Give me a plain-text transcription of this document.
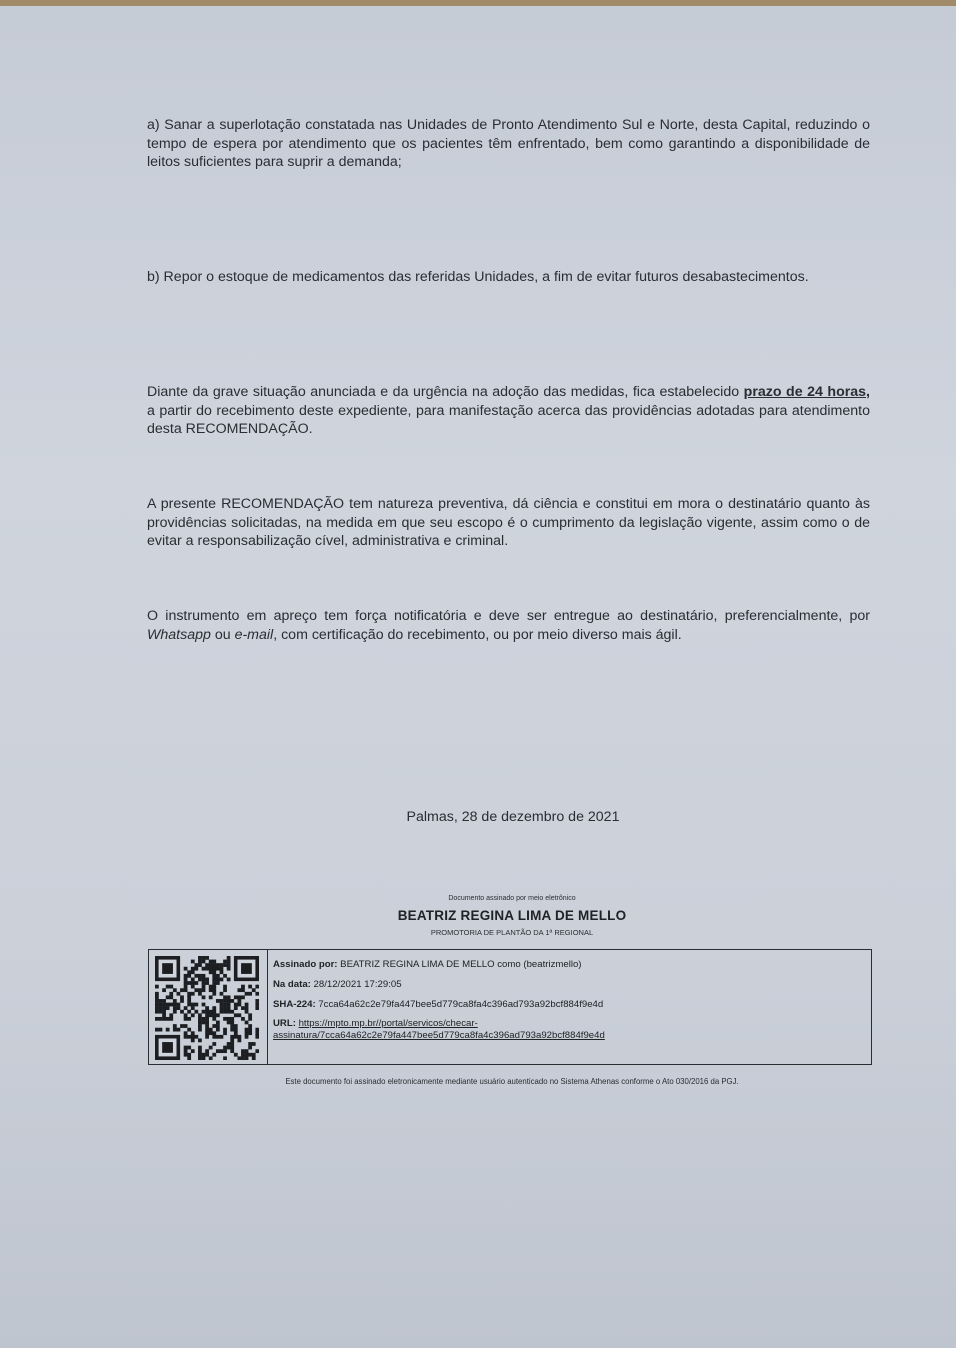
a) Sanar a superlotação constatada nas Unidades de Pronto Atendimento Sul e Norte, desta Capital, reduzindo o tempo de espera por atendimento que os pacientes têm enfrentado, bem como garantindo a disponibilidade de leitos suficientes para suprir a demanda;

b) Repor o estoque de medicamentos das referidas Unidades, a fim de evitar futuros desabastecimentos.

Diante da grave situação anunciada e da urgência na adoção das medidas, fica estabelecido prazo de 24 horas, a partir do recebimento deste expediente, para manifestação acerca das providências adotadas para atendimento desta RECOMENDAÇÃO.

A presente RECOMENDAÇÃO tem natureza preventiva, dá ciência e constitui em mora o destinatário quanto às providências solicitadas, na medida em que seu escopo é o cumprimento da legislação vigente, assim como o de evitar a responsabilização cível, administrativa e criminal.

O instrumento em apreço tem força notificatória e deve ser entregue ao destinatário, preferencialmente, por Whatsapp ou e-mail, com certificação do recebimento, ou por meio diverso mais ágil.

Palmas, 28 de dezembro de 2021
Documento assinado por meio eletrônico
BEATRIZ REGINA LIMA DE MELLO
PROMOTORIA DE PLANTÃO DA 1ª REGIONAL
Assinado por: BEATRIZ REGINA LIMA DE MELLO como (beatrizmello)
Na data: 28/12/2021 17:29:05
SHA-224: 7cca64a62c2e79fa447bee5d779ca8fa4c396ad793a92bcf884f9e4d
URL: https://mpto.mp.br//portal/servicos/checar-
assinatura/7cca64a62c2e79fa447bee5d779ca8fa4c396ad793a92bcf884f9e4d
Este documento foi assinado eletronicamente mediante usuário autenticado no Sistema Athenas conforme o Ato 030/2016 da PGJ.
